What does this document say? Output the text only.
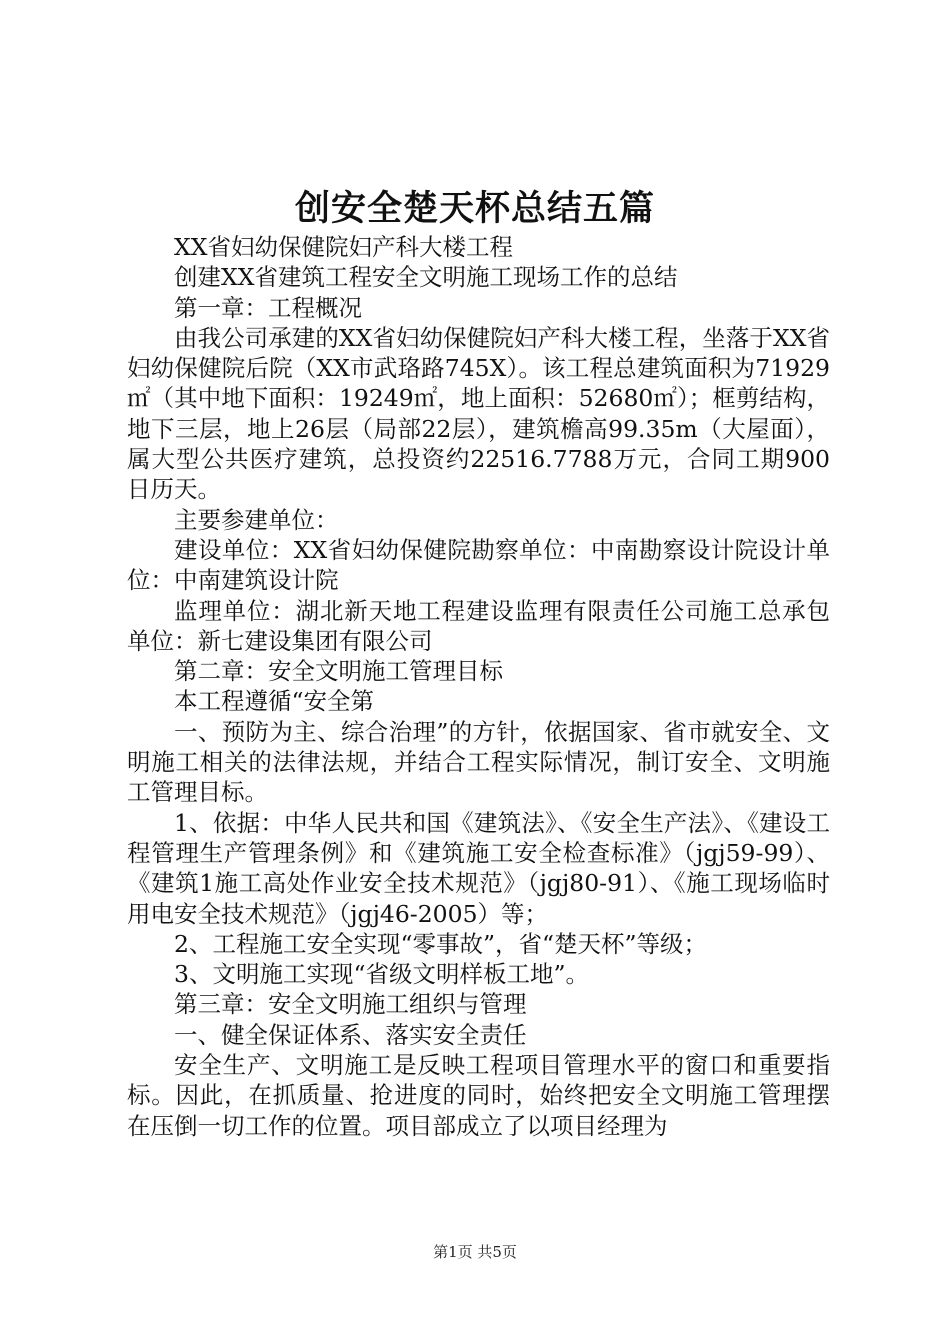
创安全楚天杯总结五篇

XX省妇幼保健院妇产科大楼工程

创建XX省建筑工程安全文明施工现场工作的总结

第一章：工程概况

由我公司承建的XX省妇幼保健院妇产科大楼工程，坐落于XX省妇幼保健院后院（XX市武珞路745X）。该工程总建筑面积为71929㎡（其中地下面积：19249㎡，地上面积：52680㎡）；框剪结构，地下三层，地上26层（局部22层），建筑檐高99.35m（大屋面），属大型公共医疗建筑，总投资约22516.7788万元，合同工期900日历天。

主要参建单位：

建设单位：XX省妇幼保健院勘察单位：中南勘察设计院设计单位：中南建筑设计院

监理单位：湖北新天地工程建设监理有限责任公司施工总承包单位：新七建设集团有限公司

第二章：安全文明施工管理目标

本工程遵循“安全第

一、预防为主、综合治理”的方针，依据国家、省市就安全、文明施工相关的法律法规，并结合工程实际情况，制订安全、文明施工管理目标。

1、依据：中华人民共和国《建筑法》、《安全生产法》、《建设工程管理生产管理条例》和《建筑施工安全检查标准》（jgj59-99）、《建筑1施工高处作业安全技术规范》（jgj80-91）、《施工现场临时用电安全技术规范》（jgj46-2005）等；

2、工程施工安全实现“零事故”，省“楚天杯”等级；

3、文明施工实现“省级文明样板工地”。

第三章：安全文明施工组织与管理

一、健全保证体系、落实安全责任

安全生产、文明施工是反映工程项目管理水平的窗口和重要指标。因此，在抓质量、抢进度的同时，始终把安全文明施工管理摆在压倒一切工作的位置。项目部成立了以项目经理为

第1页 共5页
